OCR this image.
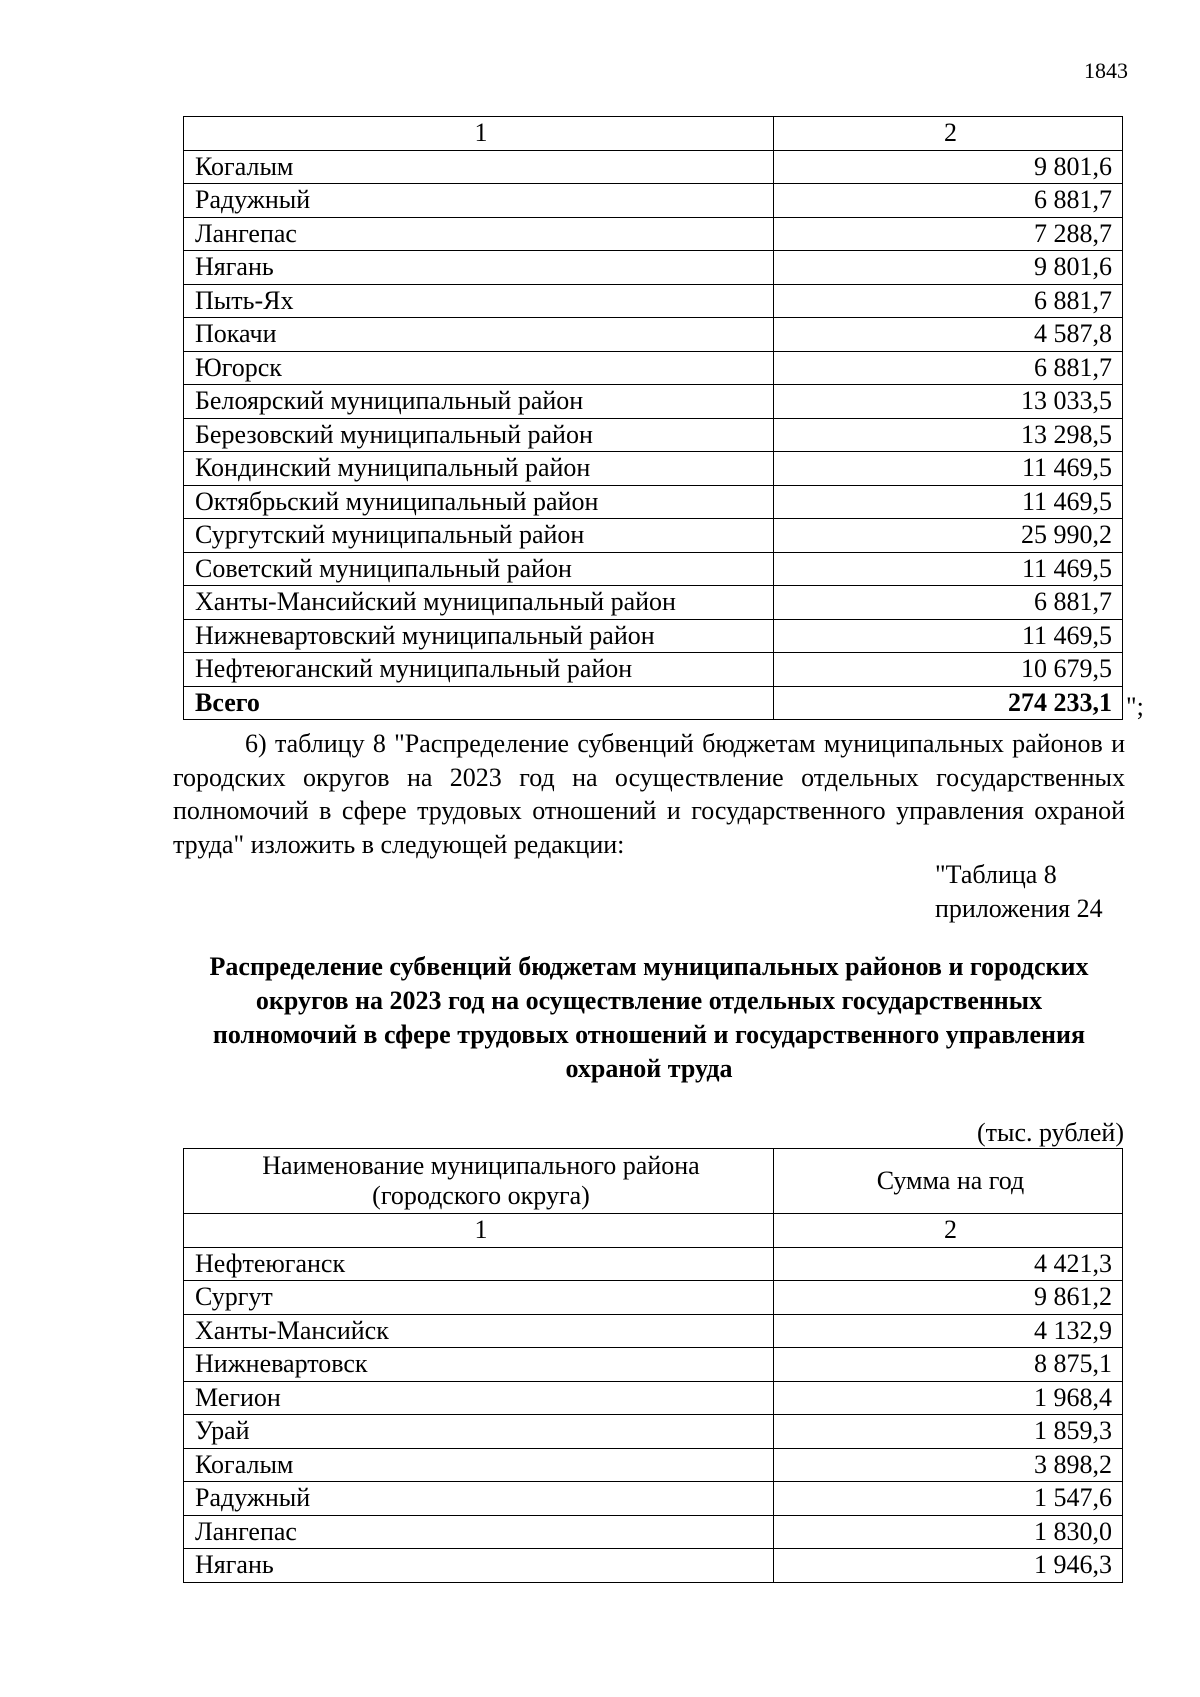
1843
1	2
Когалым	9 801,6
Радужный	6 881,7
Лангепас	7 288,7
Нягань	9 801,6
Пыть-Ях	6 881,7
Покачи	4 587,8
Югорск	6 881,7
Белоярский муниципальный район	13 033,5
Березовский муниципальный район	13 298,5
Кондинский муниципальный район	11 469,5
Октябрьский муниципальный район	11 469,5
Сургутский муниципальный район	25 990,2
Советский муниципальный район	11 469,5
Ханты-Мансийский муниципальный район	6 881,7
Нижневартовский муниципальный район	11 469,5
Нефтеюганский муниципальный район	10 679,5
Всего	274 233,1 ";

6) таблицу 8 "Распределение субвенций бюджетам муниципальных районов и городских округов на 2023 год на осуществление отдельных государственных полномочий в сфере трудовых отношений и государственного управления охраной труда" изложить в следующей редакции:

"Таблица 8
приложения 24
Распределение субвенций бюджетам муниципальных районов и городских
округов на 2023 год на осуществление отдельных государственных
полномочий в сфере трудовых отношений и государственного управления
охраной труда
(тыс. рублей)
Наименование муниципального района
(городского округа)	Сумма на год
1	2
Нефтеюганск	4 421,3
Сургут	9 861,2
Ханты-Мансийск	4 132,9
Нижневартовск	8 875,1
Мегион	1 968,4
Урай	1 859,3
Когалым	3 898,2
Радужный	1 547,6
Лангепас	1 830,0
Нягань	1 946,3
